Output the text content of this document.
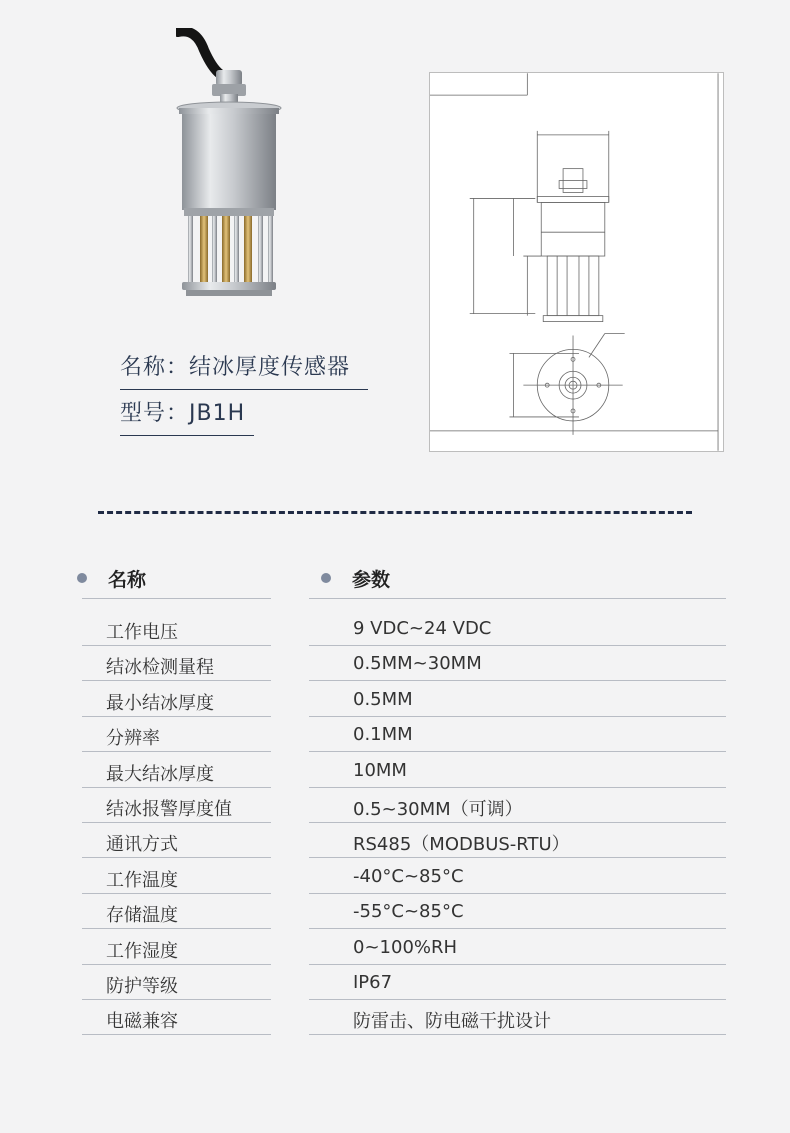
名称：结冰厚度传感器
型号：JB1H
名称	参数
工作电压	9 VDC~24 VDC
结冰检测量程	0.5MM~30MM
最小结冰厚度	0.5MM
分辨率	0.1MM
最大结冰厚度	10MM
结冰报警厚度值	0.5~30MM（可调）
通讯方式	RS485（MODBUS-RTU）
工作温度	-40°C~85°C
存储温度	-55°C~85°C
工作湿度	0~100%RH
防护等级	IP67
电磁兼容	防雷击、防电磁干扰设计
